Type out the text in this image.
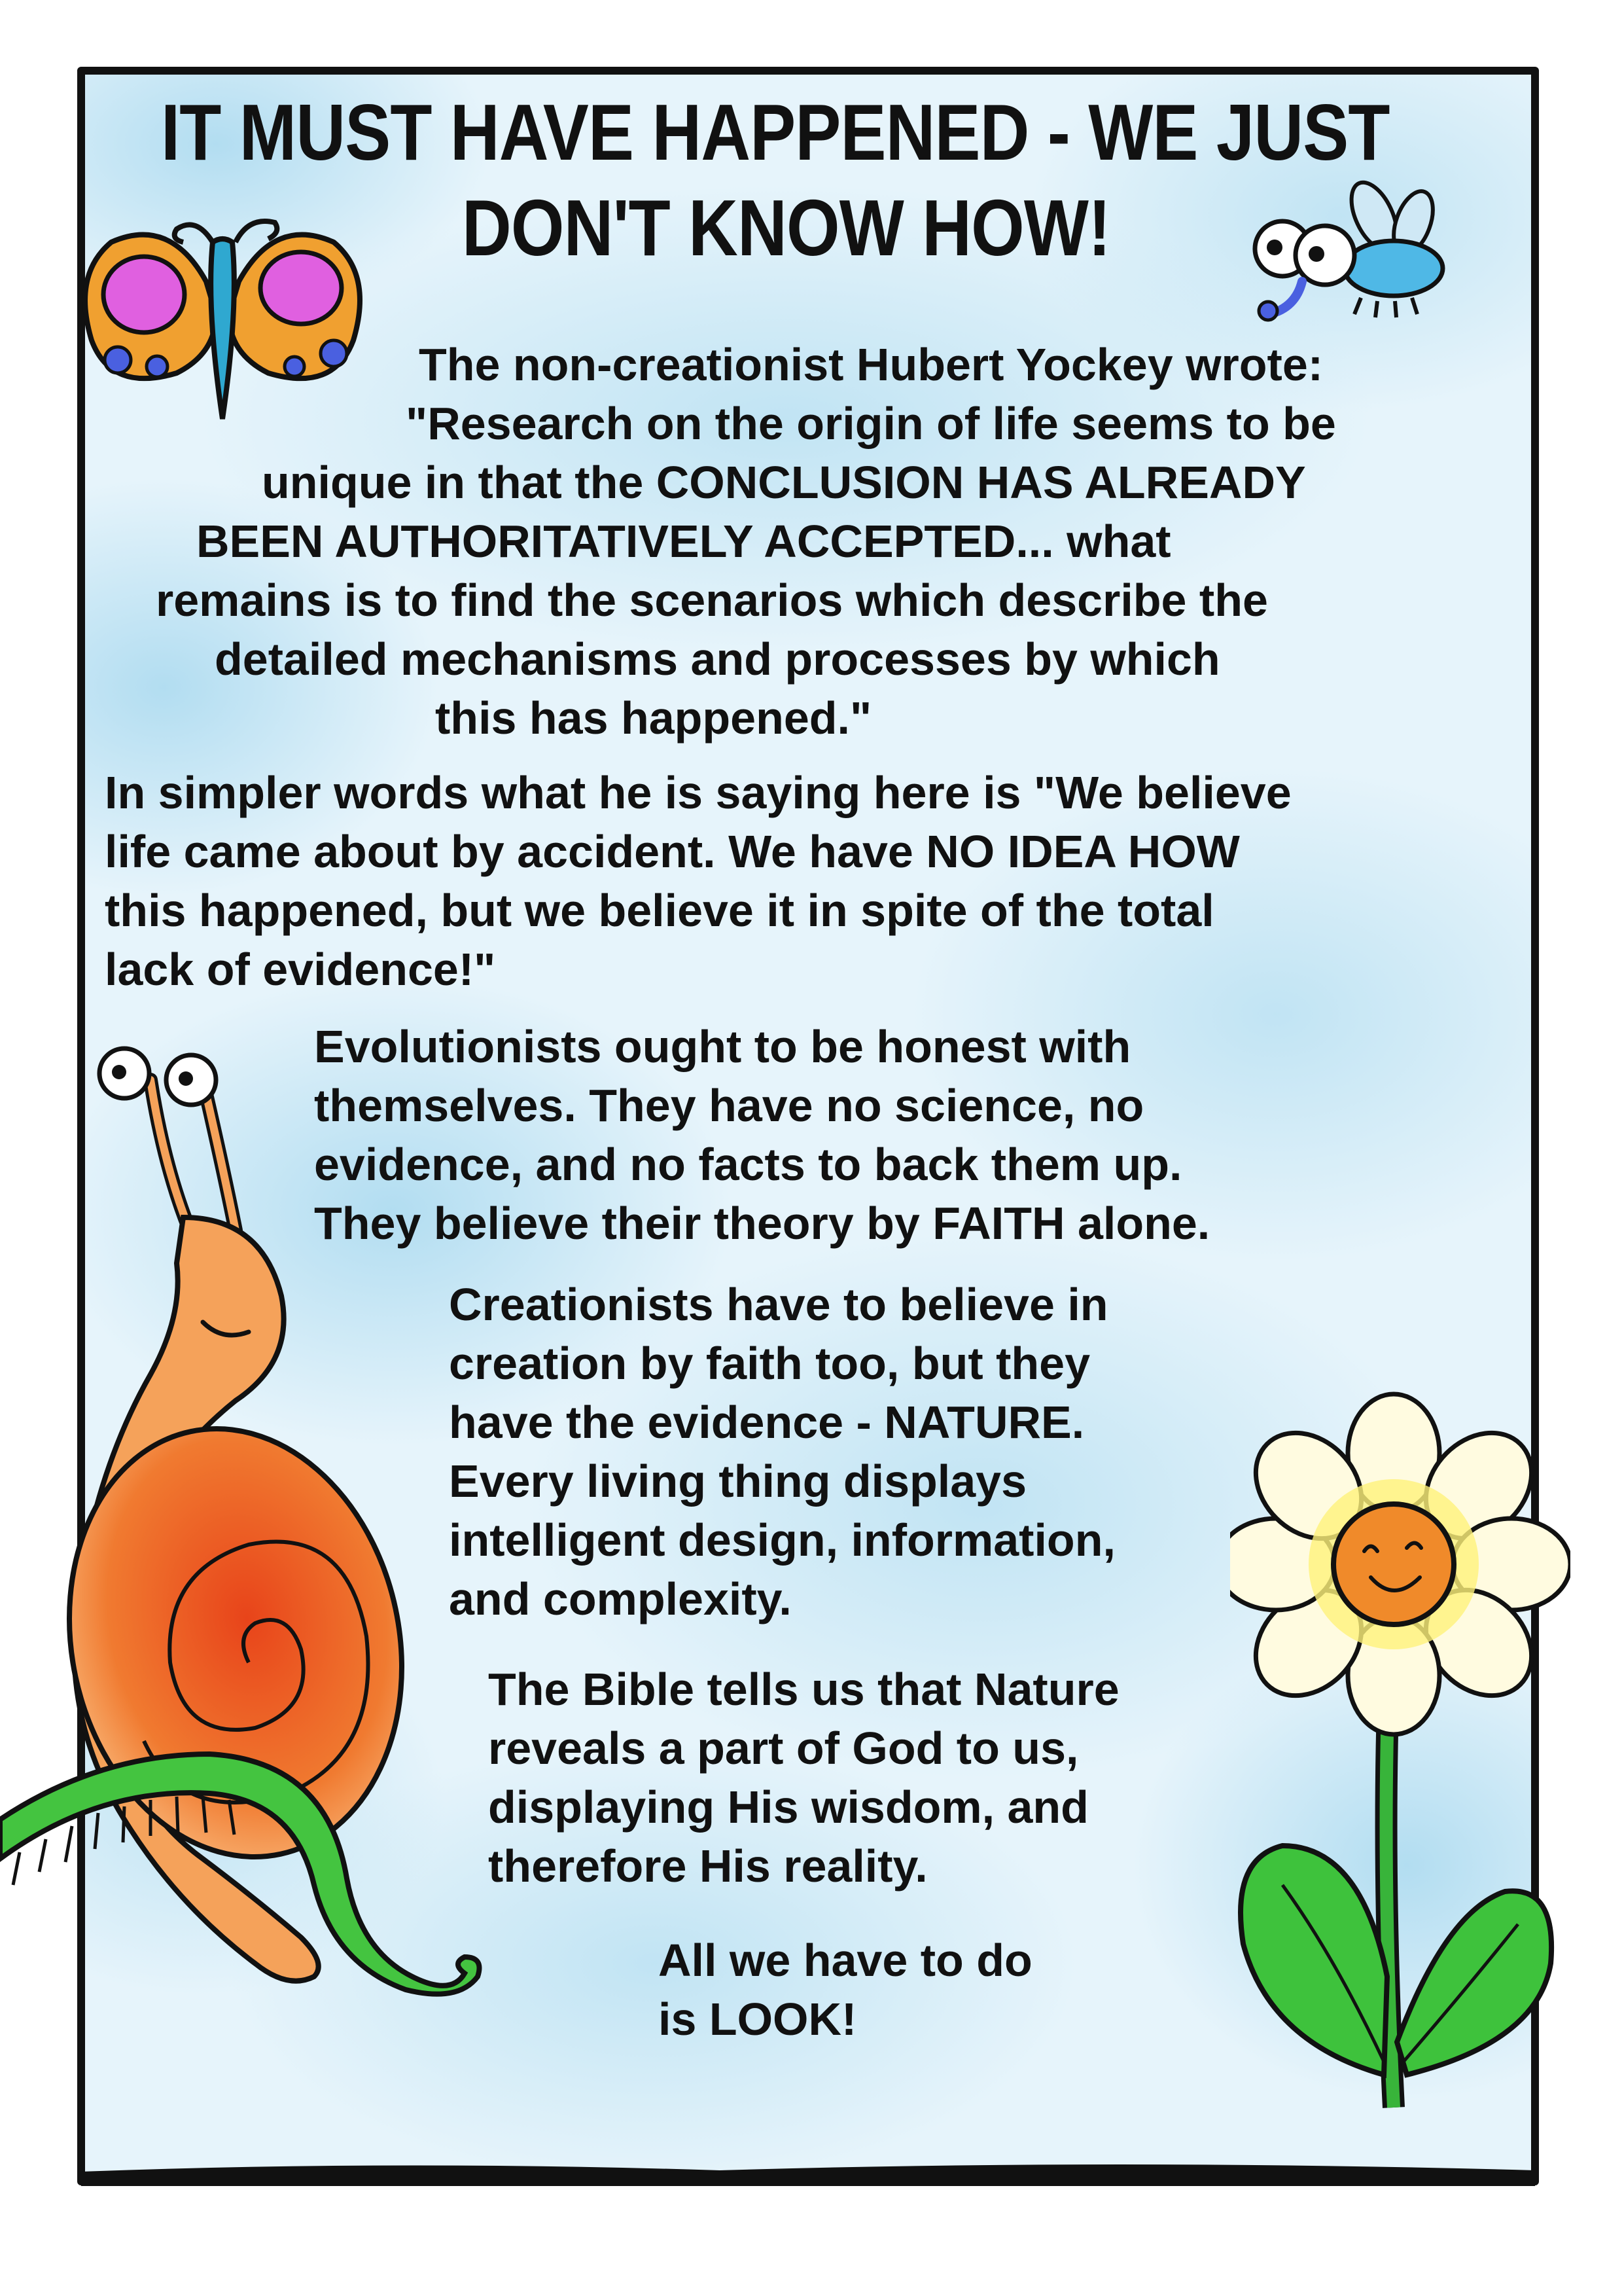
IT MUST HAVE HAPPENED - WE JUST
DON'T KNOW HOW!
The non-creationist Hubert Yockey wrote:
"Research on the origin of life seems to be
unique in that the CONCLUSION HAS ALREADY
BEEN AUTHORITATIVELY ACCEPTED... what
remains is to find the scenarios which describe the
detailed mechanisms and processes by which
this has happened."
In simpler words what he is saying here is "We believe
life came about by accident. We have NO IDEA HOW
this happened, but we believe it in spite of the total
lack of evidence!"
Evolutionists ought to be honest with
themselves. They have no science, no
evidence, and no facts to back them up.
They believe their theory by FAITH alone.
Creationists have to believe in
creation by faith too, but they
have the evidence - NATURE.
Every living thing displays
intelligent design, information,
and complexity.
The Bible tells us that Nature
reveals a part of God to us,
displaying His wisdom, and
therefore His reality.
All we have to do
is LOOK!
